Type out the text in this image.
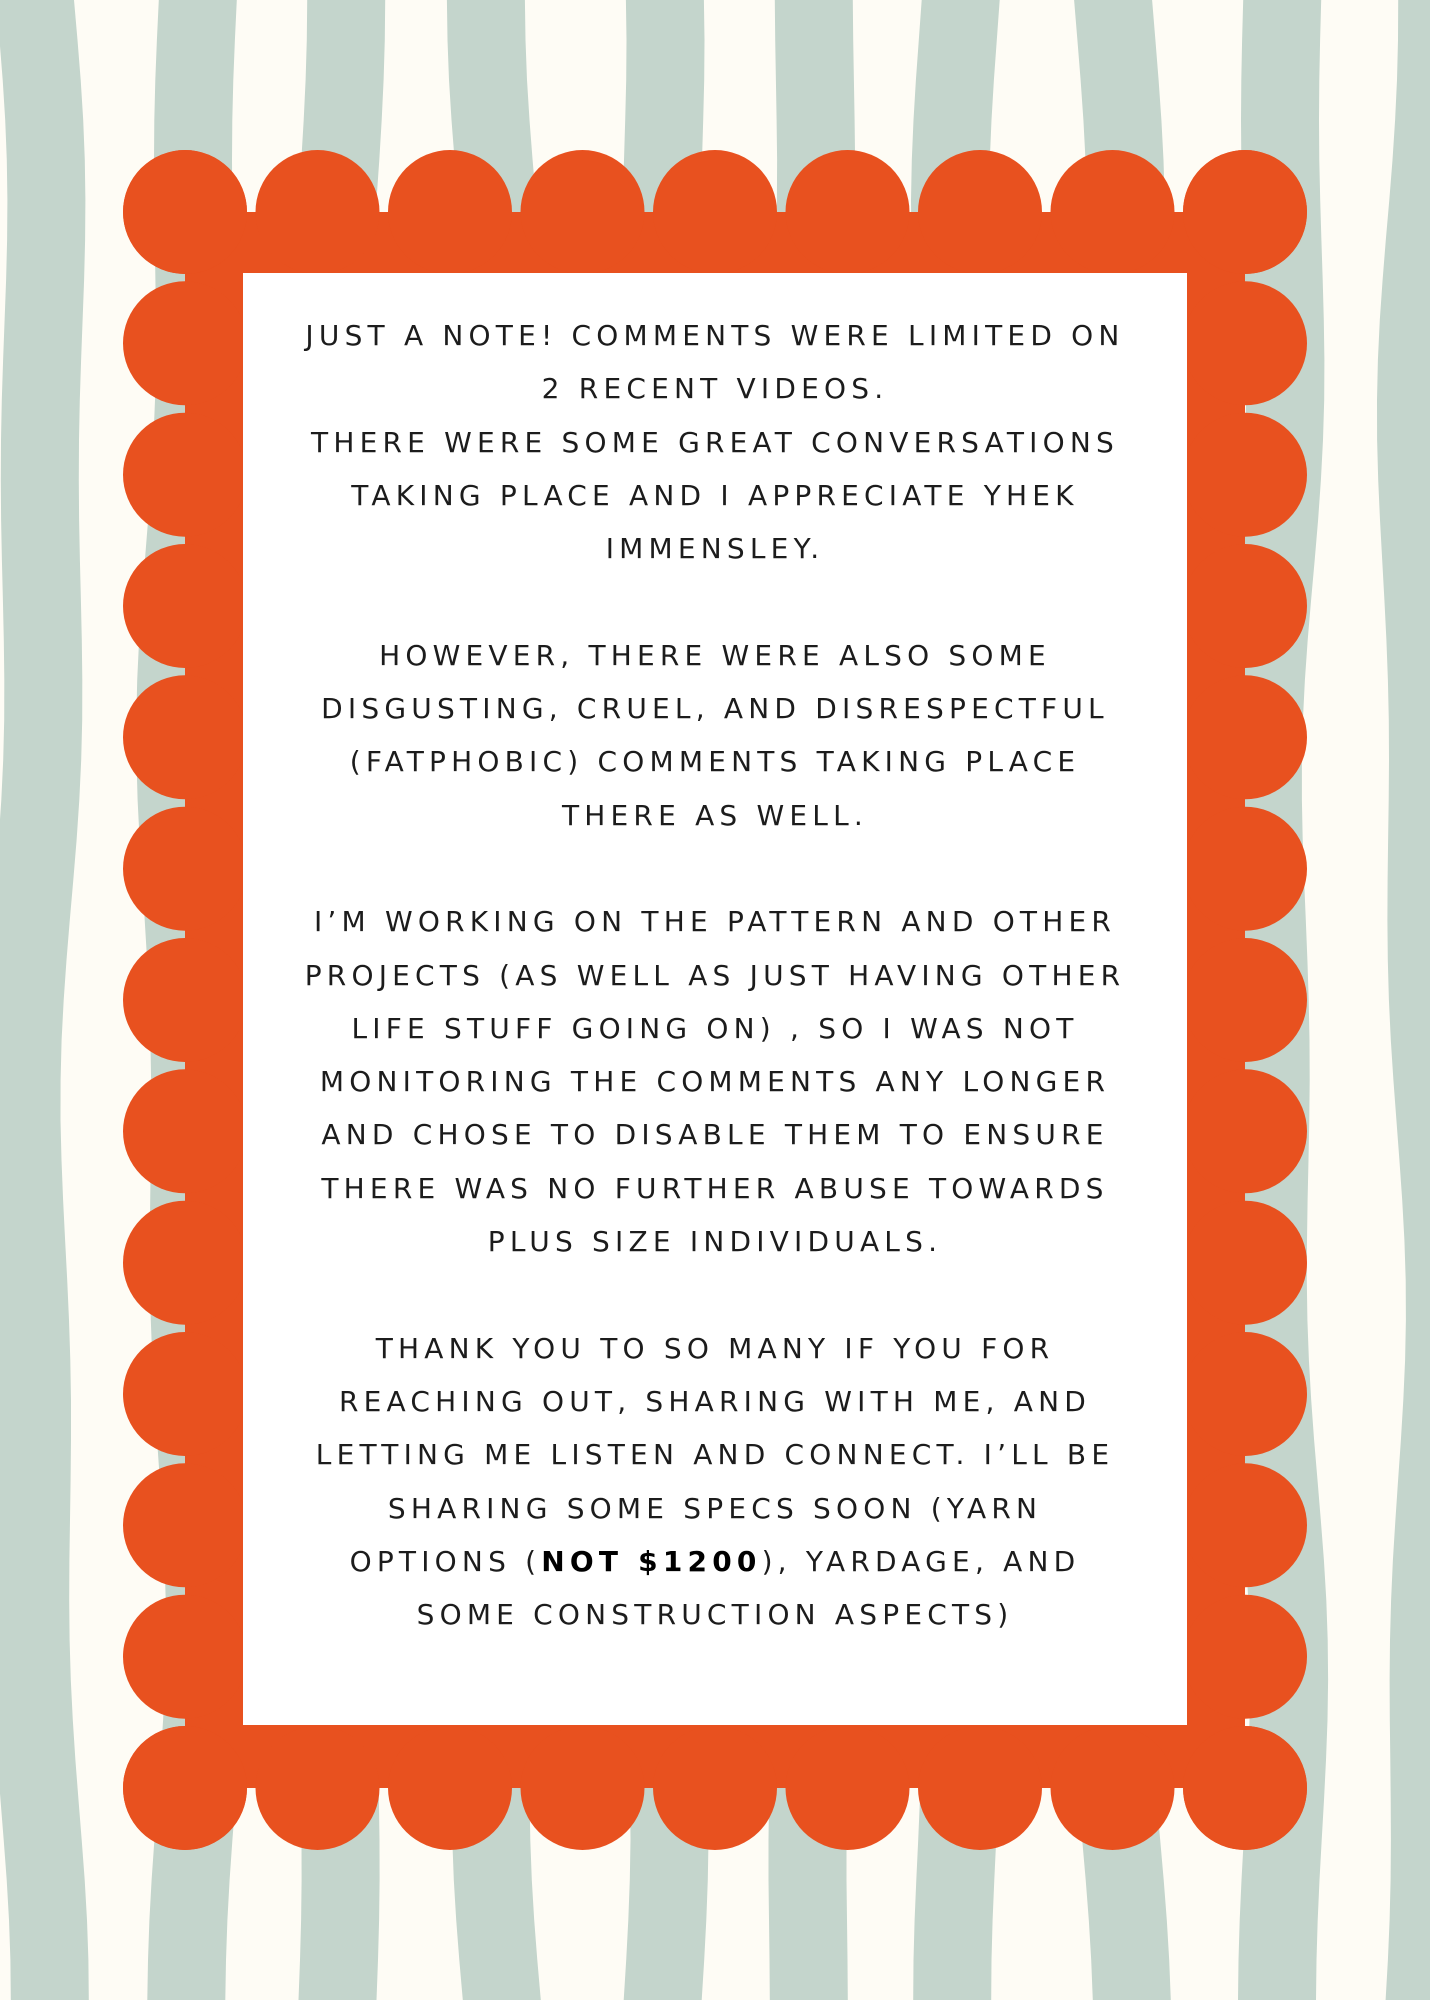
JUST A NOTE! COMMENTS WERE LIMITED ON
2 RECENT VIDEOS.
THERE WERE SOME GREAT CONVERSATIONS
TAKING PLACE AND I APPRECIATE YHEK
IMMENSLEY.
HOWEVER, THERE WERE ALSO SOME
DISGUSTING, CRUEL, AND DISRESPECTFUL
(FATPHOBIC) COMMENTS TAKING PLACE
THERE AS WELL.
I’M WORKING ON THE PATTERN AND OTHER
PROJECTS (AS WELL AS JUST HAVING OTHER
LIFE STUFF GOING ON) , SO I WAS NOT
MONITORING THE COMMENTS ANY LONGER
AND CHOSE TO DISABLE THEM TO ENSURE
THERE WAS NO FURTHER ABUSE TOWARDS
PLUS SIZE INDIVIDUALS.
THANK YOU TO SO MANY IF YOU FOR
REACHING OUT, SHARING WITH ME, AND
LETTING ME LISTEN AND CONNECT. I’LL BE
SHARING SOME SPECS SOON (YARN
OPTIONS (NOT $1200), YARDAGE, AND
SOME CONSTRUCTION ASPECTS)
